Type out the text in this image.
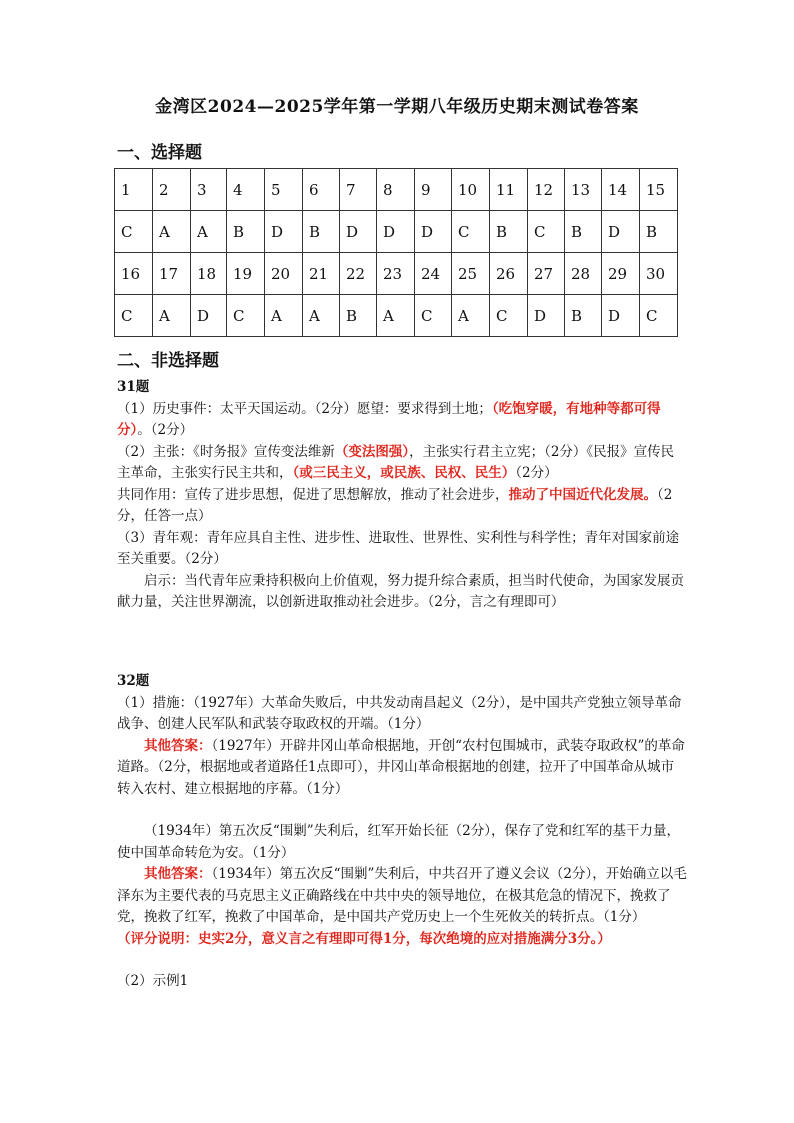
金湾区2024—2025学年第一学期八年级历史期末测试卷答案
一、选择题
1	2	3	4	5	6	7	8	9	10	11	12	13	14	15
C	A	A	B	D	B	D	D	D	C	B	C	B	D	B
16	17	18	19	20	21	22	23	24	25	26	27	28	29	30
C	A	D	C	A	A	B	A	C	A	C	D	B	D	C
二、非选择题

31题

（1）历史事件：太平天国运动。（2分）愿望：要求得到土地；（吃饱穿暖，有地种等都可得分）。（2分）

（2）主张：《时务报》宣传变法维新（变法图强），主张实行君主立宪；（2分）《民报》宣传民主革命，主张实行民主共和，（或三民主义，或民族、民权、民生）（2分）

共同作用：宣传了进步思想，促进了思想解放，推动了社会进步，推动了中国近代化发展。（2分，任答一点）

（3）青年观：青年应具自主性、进步性、进取性、世界性、实利性与科学性；青年对国家前途至关重要。（2分）

启示：当代青年应秉持积极向上价值观，努力提升综合素质，担当时代使命，为国家发展贡献力量，关注世界潮流，以创新进取推动社会进步。（2分，言之有理即可）

32题

（1）措施：（1927年）大革命失败后，中共发动南昌起义（2分），是中国共产党独立领导革命战争、创建人民军队和武装夺取政权的开端。（1分）

其他答案：（1927年）开辟井冈山革命根据地，开创“农村包围城市，武装夺取政权”的革命道路。（2分，根据地或者道路任1点即可），井冈山革命根据地的创建，拉开了中国革命从城市转入农村、建立根据地的序幕。（1分）

（1934年）第五次反“围剿”失利后，红军开始长征（2分），保存了党和红军的基干力量，使中国革命转危为安。（1分）

其他答案：（1934年）第五次反“围剿”失利后，中共召开了遵义会议（2分），开始确立以毛泽东为主要代表的马克思主义正确路线在中共中央的领导地位，在极其危急的情况下，挽救了党，挽救了红军，挽救了中国革命，是中国共产党历史上一个生死攸关的转折点。（1分）

（评分说明：史实2分，意义言之有理即可得1分，每次绝境的应对措施满分3分。）

（2）示例1
